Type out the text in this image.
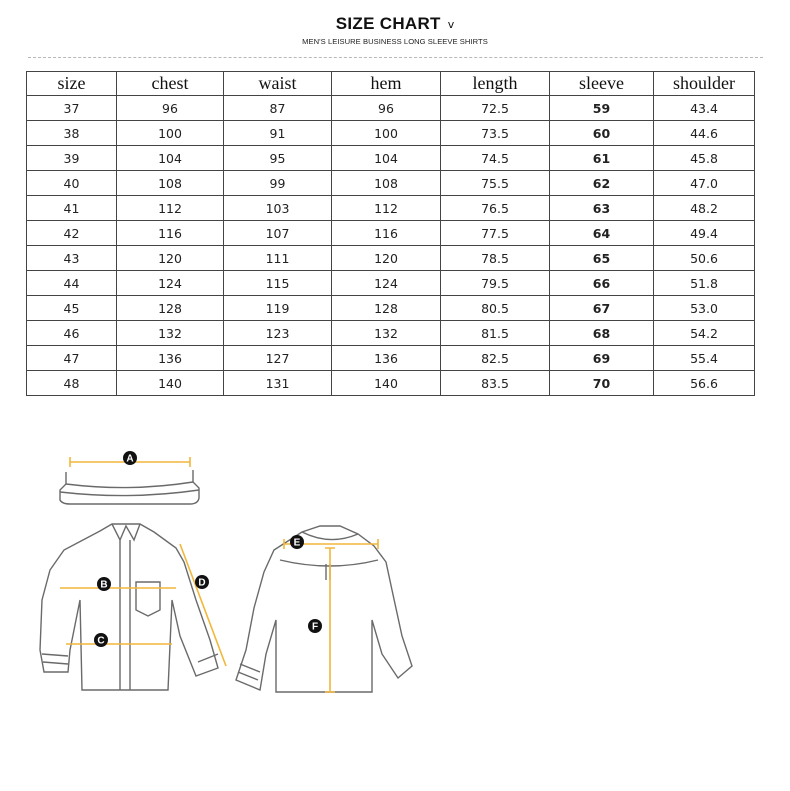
SIZE CHART v
MEN'S LEISURE BUSINESS LONG SLEEVE SHIRTS
size	chest	waist	hem	length	sleeve	shoulder
37	96	87	96	72.5	59	43.4
38	100	91	100	73.5	60	44.6
39	104	95	104	74.5	61	45.8
40	108	99	108	75.5	62	47.0
41	112	103	112	76.5	63	48.2
42	116	107	116	77.5	64	49.4
43	120	111	120	78.5	65	50.6
44	124	115	124	79.5	66	51.8
45	128	119	128	80.5	67	53.0
46	132	123	132	81.5	68	54.2
47	136	127	136	82.5	69	55.4
48	140	131	140	83.5	70	56.6
A
B
C
D
E
F
